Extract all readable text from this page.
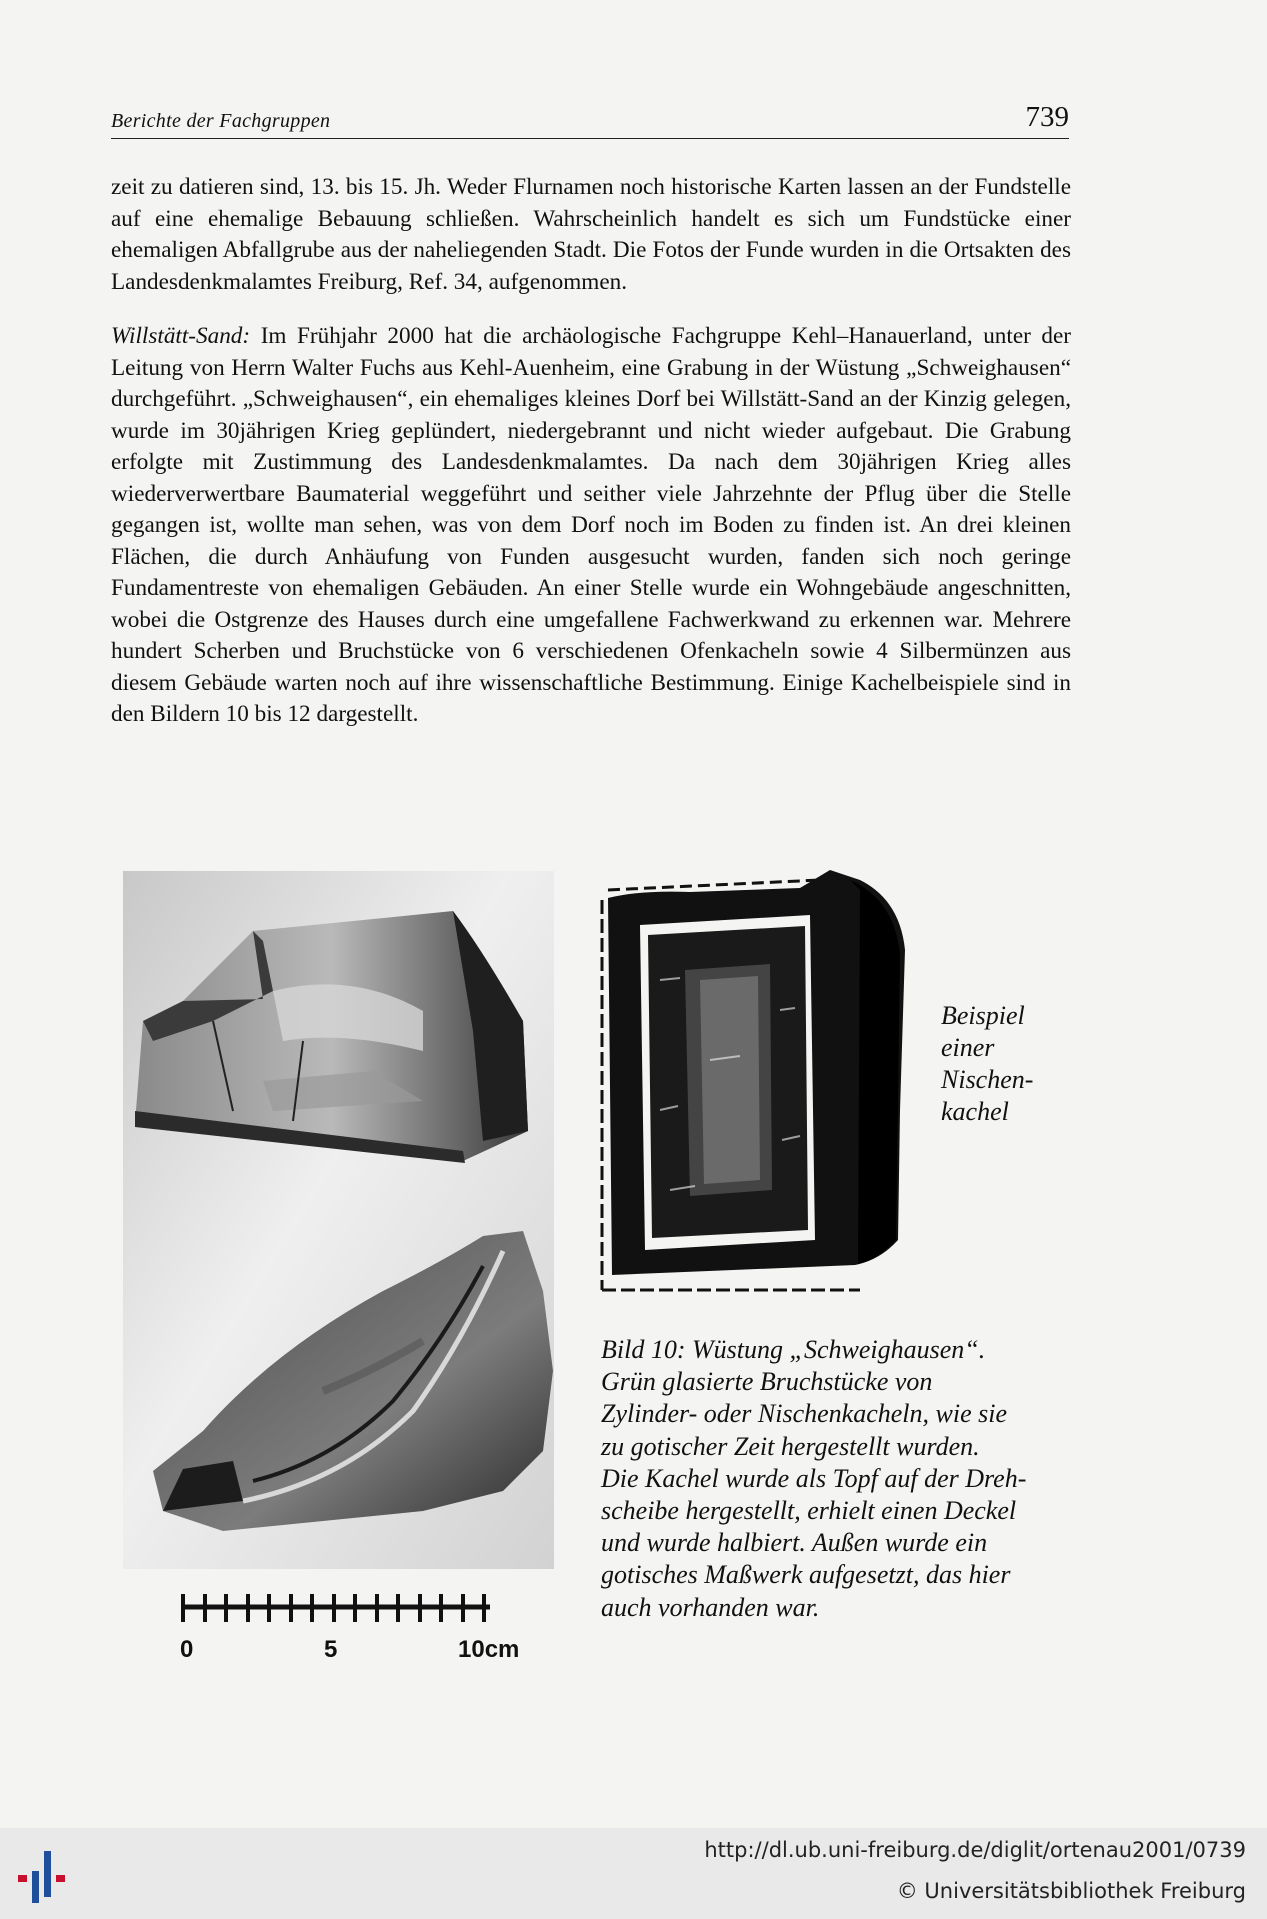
Berichte der Fachgruppen	739

zeit zu datieren sind, 13. bis 15. Jh. Weder Flurnamen noch historische Karten lassen an der Fundstelle auf eine ehemalige Bebauung schließen. Wahrscheinlich handelt es sich um Fundstücke einer ehemaligen Abfallgrube aus der naheliegenden Stadt. Die Fotos der Funde wurden in die Ortsakten des Landesdenkmalamtes Freiburg, Ref. 34, aufgenommen.

Willstätt-Sand: Im Frühjahr 2000 hat die archäologische Fachgruppe Kehl–Hanauerland, unter der Leitung von Herrn Walter Fuchs aus Kehl-Auenheim, eine Grabung in der Wüstung „Schweighausen“ durchgeführt. „Schweighausen“, ein ehemaliges kleines Dorf bei Willstätt-Sand an der Kinzig gelegen, wurde im 30jährigen Krieg geplündert, niedergebrannt und nicht wieder aufgebaut. Die Grabung erfolgte mit Zustimmung des Landesdenkmalamtes. Da nach dem 30jährigen Krieg alles wiederverwertbare Baumaterial weggeführt und seither viele Jahrzehnte der Pflug über die Stelle gegangen ist, wollte man sehen, was von dem Dorf noch im Boden zu finden ist. An drei kleinen Flächen, die durch Anhäufung von Funden ausgesucht wurden, fanden sich noch geringe Fundamentreste von ehemaligen Gebäuden. An einer Stelle wurde ein Wohngebäude angeschnitten, wobei die Ostgrenze des Hauses durch eine umgefallene Fachwerkwand zu erkennen war. Mehrere hundert Scherben und Bruchstücke von 6 verschiedenen Ofenkacheln sowie 4 Silbermünzen aus diesem Gebäude warten noch auf ihre wissenschaftliche Bestimmung. Einige Kachelbeispiele sind in den Bildern 10 bis 12 dargestellt.

0	5	10cm
Beispiel
einer
Nischen-
kachel
Bild 10: Wüstung „Schweighausen“.
Grün glasierte Bruchstücke von
Zylinder- oder Nischenkacheln, wie sie
zu gotischer Zeit hergestellt wurden.
Die Kachel wurde als Topf auf der Dreh-
scheibe hergestellt, erhielt einen Deckel
und wurde halbiert. Außen wurde ein
gotisches Maßwerk aufgesetzt, das hier
auch vorhanden war.
http://dl.ub.uni-freiburg.de/diglit/ortenau2001/0739
© Universitätsbibliothek Freiburg
